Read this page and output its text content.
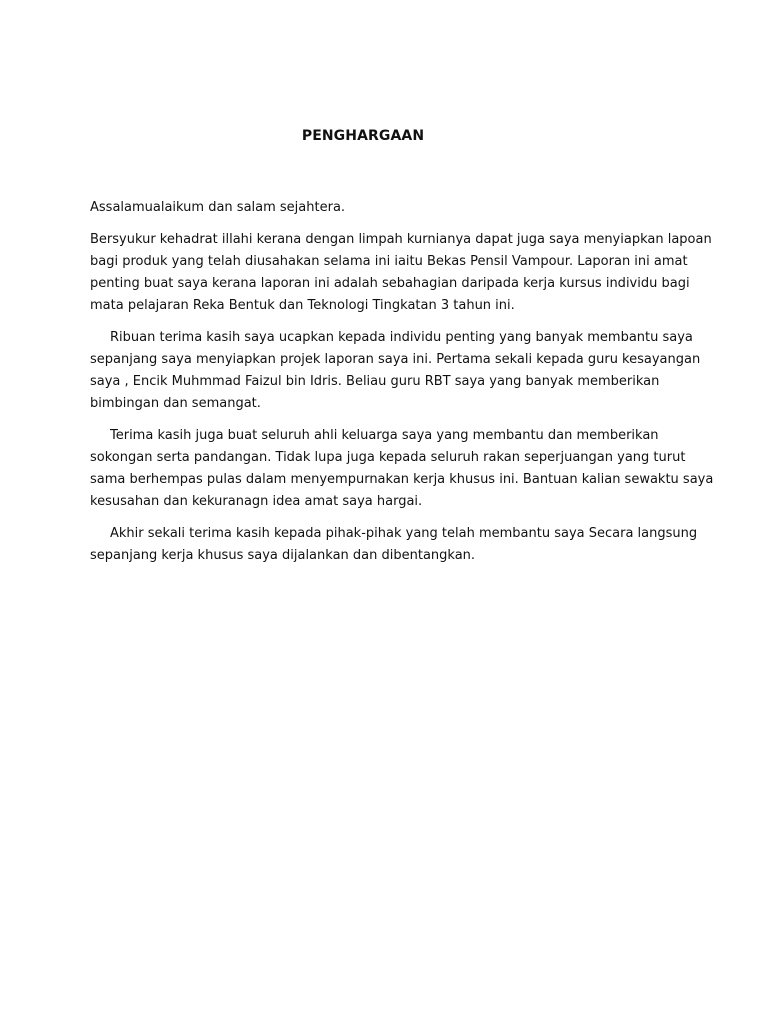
PENGHARGAAN

Assalamualaikum dan salam sejahtera.

Bersyukur kehadrat illahi kerana dengan limpah kurnianya dapat juga saya menyiapkan lapoan
bagi produk yang telah diusahakan selama ini iaitu Bekas Pensil Vampour. Laporan ini amat
penting buat saya kerana laporan ini adalah sebahagian daripada kerja kursus individu bagi
mata pelajaran Reka Bentuk dan Teknologi Tingkatan 3 tahun ini.

Ribuan terima kasih saya ucapkan kepada individu penting yang banyak membantu saya
sepanjang saya menyiapkan projek laporan saya ini. Pertama sekali kepada guru kesayangan
saya , Encik Muhmmad Faizul bin Idris. Beliau guru RBT saya yang banyak memberikan
bimbingan dan semangat.

Terima kasih juga buat seluruh ahli keluarga saya yang membantu dan memberikan
sokongan serta pandangan. Tidak lupa juga kepada seluruh rakan seperjuangan yang turut
sama berhempas pulas dalam menyempurnakan kerja khusus ini. Bantuan kalian sewaktu saya
kesusahan dan kekuranagn idea amat saya hargai.

Akhir sekali terima kasih kepada pihak-pihak yang telah membantu saya Secara langsung
sepanjang kerja khusus saya dijalankan dan dibentangkan.
